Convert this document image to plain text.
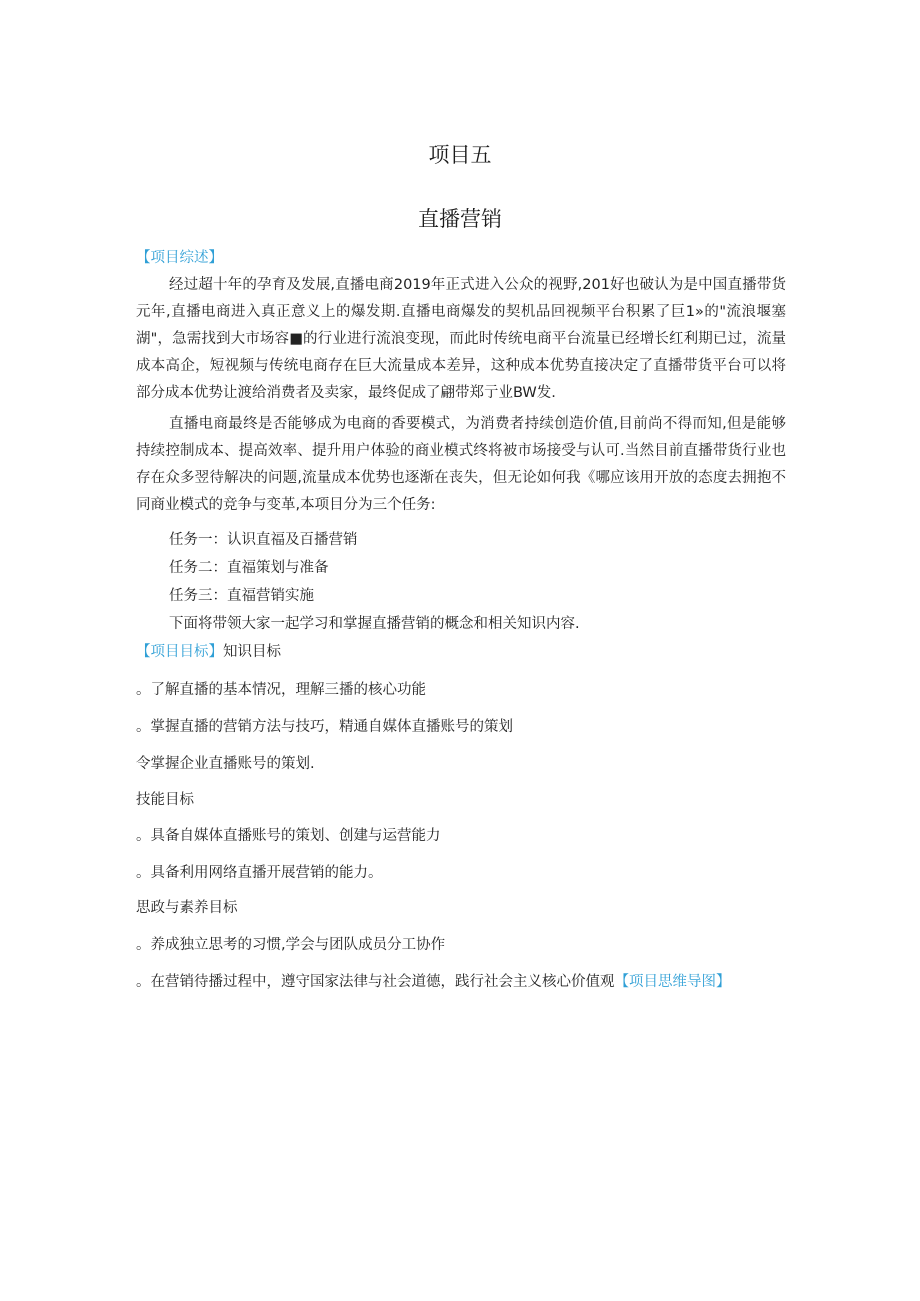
项目五
直播营销
【项目综述】

经过超十年的孕育及发展,直播电商2019年正式进入公众的视野,201好也破认为是中国直播带货元年,直播电商进入真正意义上的爆发期.直播电商爆发的契机品回视频平台积累了巨1»的"流浪堰塞湖"，急需找到大市场容■的行业进行流浪变现，而此时传统电商平台流量已经增长红利期已过，流量成本高企，短视频与传统电商存在巨大流量成本差异，这种成本优势直接决定了直播带货平台可以将部分成本优势让渡给消费者及卖家，最终促成了翩带郑亍业BW发.

直播电商最终是否能够成为电商的香要模式，为消费者持续创造价值,目前尚不得而知,但是能够持续控制成本、提高效率、提升用户体验的商业模式终将被市场接受与认可.当然目前直播带货行业也存在众多翌待解决的问题,流量成本优势也逐渐在丧失，但无论如何我《哪应该用开放的态度去拥抱不同商业模式的竞争与变革,本项目分为三个任务:

任务一：认识直福及百播营销
任务二：直福策划与准备
任务三：直福营销实施
下面将带领大家一起学习和掌握直播营销的概念和相关知识内容.
【项目目标】知识目标
。了解直播的基本情况，理解三播的核心功能
。掌握直播的营销方法与技巧，精通自媒体直播账号的策划
令掌握企业直播账号的策划.
技能目标
。具备自媒体直播账号的策划、创建与运营能力
。具备利用网络直播开展营销的能力。
思政与素养目标
。养成独立思考的习惯,学会与团队成员分工协作
。在营销待播过程中，遵守国家法律与社会道德，践行社会主义核心价值观【项目思维导图】
